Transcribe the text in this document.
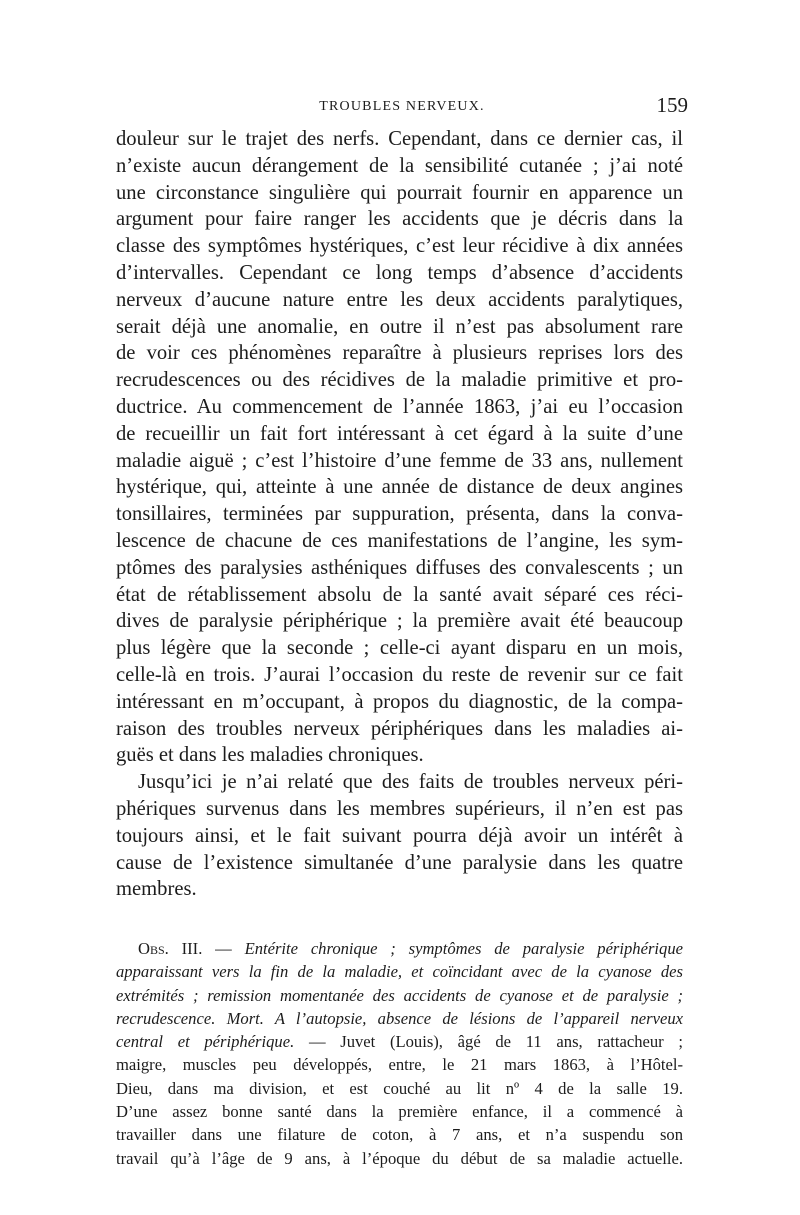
TROUBLES NERVEUX.	159
douleur sur le trajet des nerfs. Cependant, dans ce dernier cas, il
n’existe aucun dérangement de la sensibilité cutanée ; j’ai noté
une circonstance singulière qui pourrait fournir en apparence un
argument pour faire ranger les accidents que je décris dans la
classe des symptômes hystériques, c’est leur récidive à dix années
d’intervalles. Cependant ce long temps d’absence d’accidents
nerveux d’aucune nature entre les deux accidents paralytiques,
serait déjà une anomalie, en outre il n’est pas absolument rare
de voir ces phénomènes reparaître à plusieurs reprises lors des
recrudescences ou des récidives de la maladie primitive et pro-
ductrice. Au commencement de l’année 1863, j’ai eu l’occasion
de recueillir un fait fort intéressant à cet égard à la suite d’une
maladie aiguë ; c’est l’histoire d’une femme de 33 ans, nullement
hystérique, qui, atteinte à une année de distance de deux angines
tonsillaires, terminées par suppuration, présenta, dans la conva-
lescence de chacune de ces manifestations de l’angine, les sym-
ptômes des paralysies asthéniques diffuses des convalescents ; un
état de rétablissement absolu de la santé avait séparé ces réci-
dives de paralysie périphérique ; la première avait été beaucoup
plus légère que la seconde ; celle-ci ayant disparu en un mois,
celle-là en trois. J’aurai l’occasion du reste de revenir sur ce fait
intéressant en m’occupant, à propos du diagnostic, de la compa-
raison des troubles nerveux périphériques dans les maladies ai-
guës et dans les maladies chroniques.
Jusqu’ici je n’ai relaté que des faits de troubles nerveux péri-
phériques survenus dans les membres supérieurs, il n’en est pas
toujours ainsi, et le fait suivant pourra déjà avoir un intérêt à
cause de l’existence simultanée d’une paralysie dans les quatre
membres.
Obs. III. — Entérite chronique ; symptômes de paralysie périphérique
apparaissant vers la fin de la maladie, et coïncidant avec de la cyanose des
extrémités ; remission momentanée des accidents de cyanose et de paralysie ;
recrudescence. Mort. A l’autopsie, absence de lésions de l’appareil nerveux
central et périphérique. — Juvet (Louis), âgé de 11 ans, rattacheur ;
maigre, muscles peu développés, entre, le 21 mars 1863, à l’Hôtel-
Dieu, dans ma division, et est couché au lit nº 4 de la salle 19.
D’une assez bonne santé dans la première enfance, il a commencé à
travailler dans une filature de coton, à 7 ans, et n’a suspendu son
travail qu’à l’âge de 9 ans, à l’époque du début de sa maladie actuelle.
